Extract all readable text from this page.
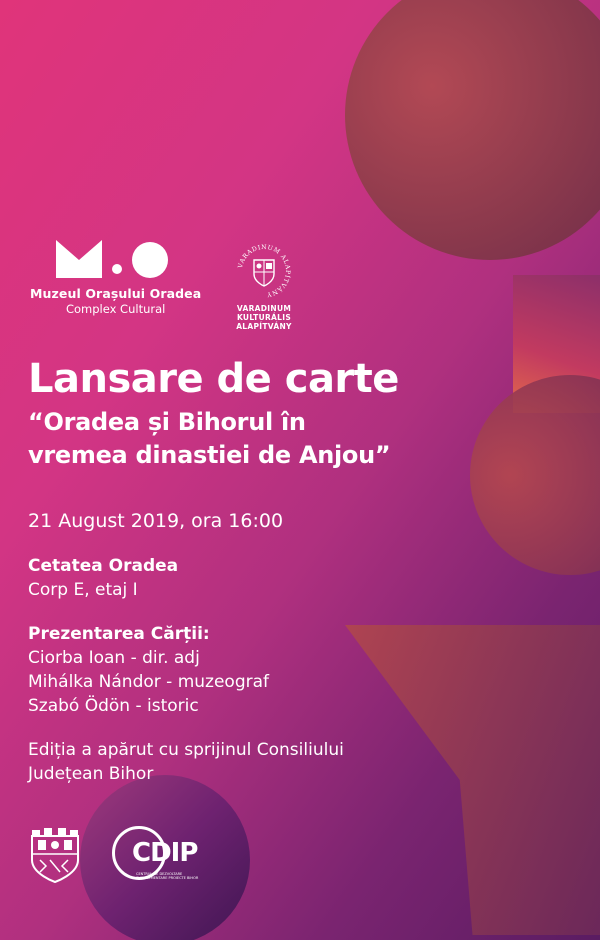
Muzeul Orașului Oradea
Complex Cultural
VARADINUM ALAPÍTVÁNY
VARADINUM
KULTURÁLIS ALAPÍTVÁNY
Lansare de carte
“Oradea și Bihorul în
vremea dinastiei de Anjou”

21 August 2019, ora 16:00

Cetatea Oradea

Corp E, etaj I

Prezentarea Cărții:

Ciorba Ioan - dir. adj

Mihálka Nándor - muzeograf

Szabó Ödön - istoric

Ediția a apărut cu sprijinul Consiliului

Județean Bihor

CDIP
CENTRUL DE DEZVOLTARE
ȘI IMPLEMENTARE PROIECTE BIHOR
